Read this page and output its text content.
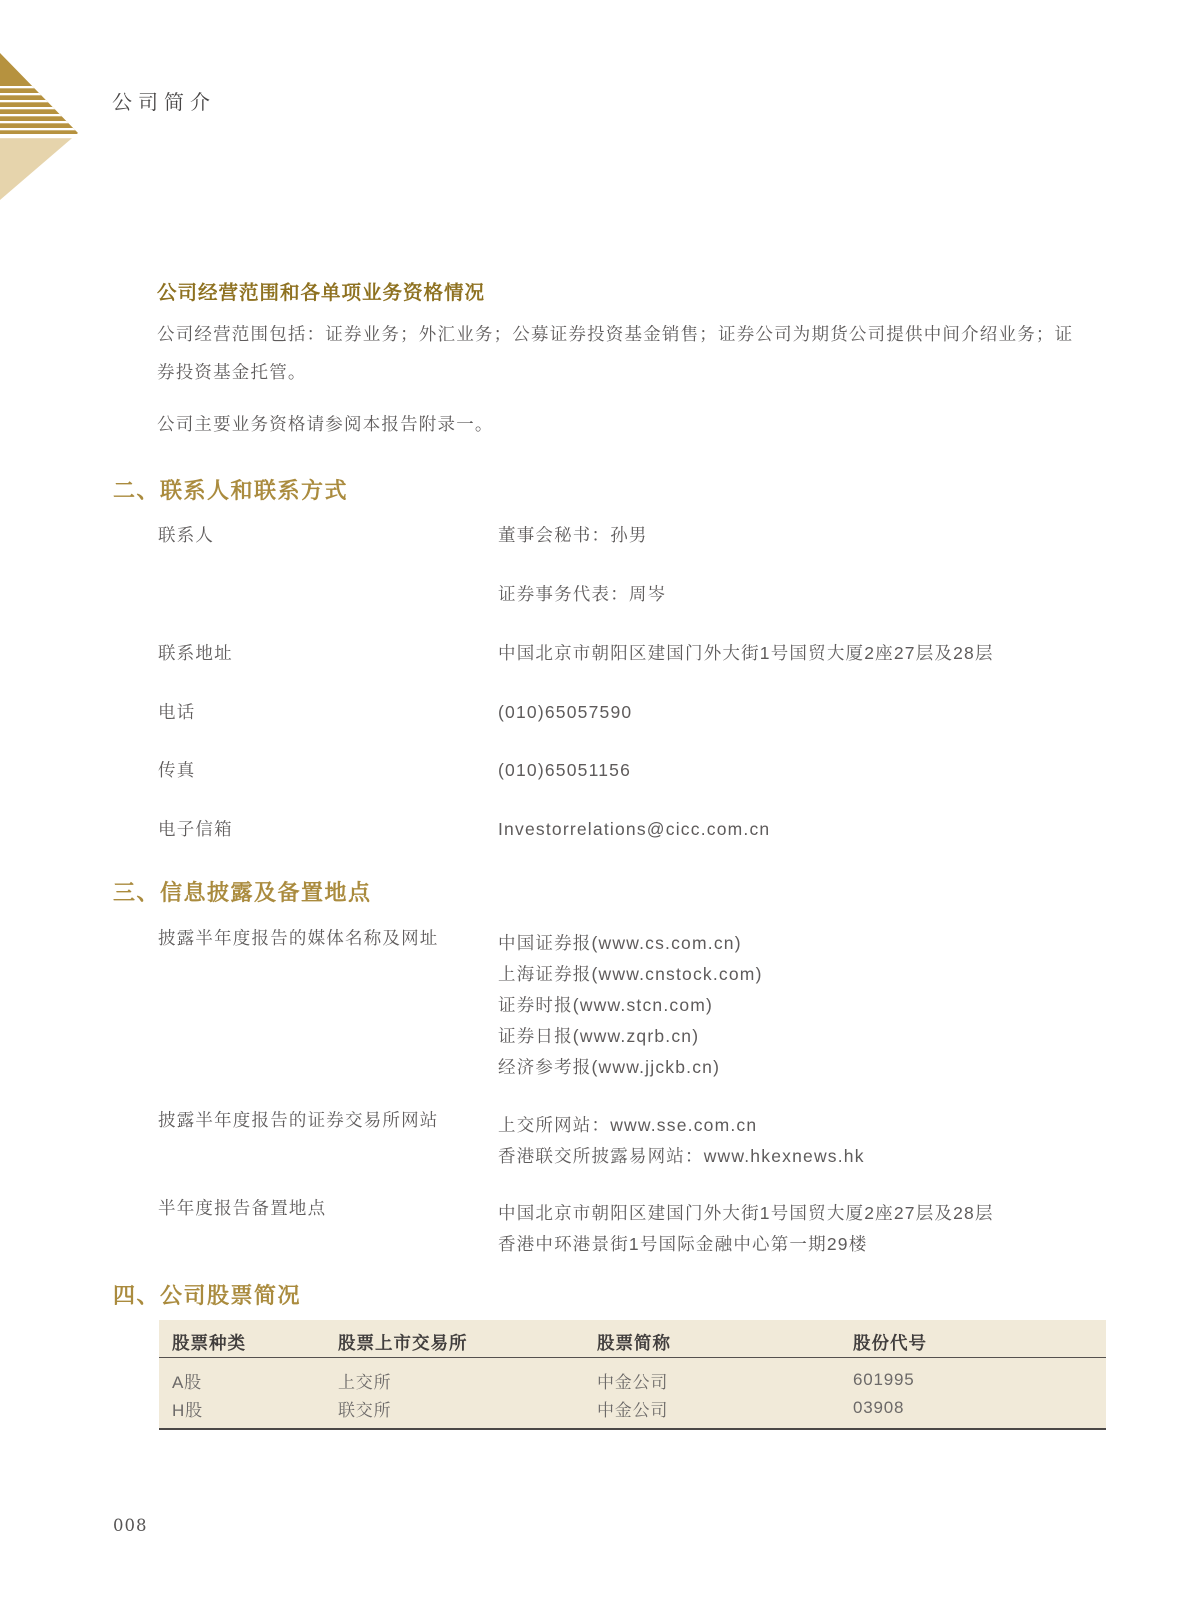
公司简介
公司经营范围和各单项业务资格情况
公司经营范围包括：证券业务；外汇业务；公募证券投资基金销售；证券公司为期货公司提供中间介绍业务；证券投资基金托管。
公司主要业务资格请参阅本报告附录一。
二、联系人和联系方式
联系人	董事会秘书：孙男
证券事务代表：周岑
联系地址	中国北京市朝阳区建国门外大街1号国贸大厦2座27层及28层
电话	(010)65057590
传真	(010)65051156
电子信箱	Investorrelations@cicc.com.cn
三、信息披露及备置地点
披露半年度报告的媒体名称及网址	中国证券报(www.cs.com.cn)
上海证券报(www.cnstock.com)
证券时报(www.stcn.com)
证券日报(www.zqrb.cn)
经济参考报(www.jjckb.cn)
披露半年度报告的证券交易所网站	上交所网站：www.sse.com.cn
香港联交所披露易网站：www.hkexnews.hk
半年度报告备置地点	中国北京市朝阳区建国门外大街1号国贸大厦2座27层及28层
香港中环港景街1号国际金融中心第一期29楼
四、公司股票简况
股票种类	股票上市交易所	股票简称	股份代号
A股	上交所	中金公司	601995
H股	联交所	中金公司	03908
008
